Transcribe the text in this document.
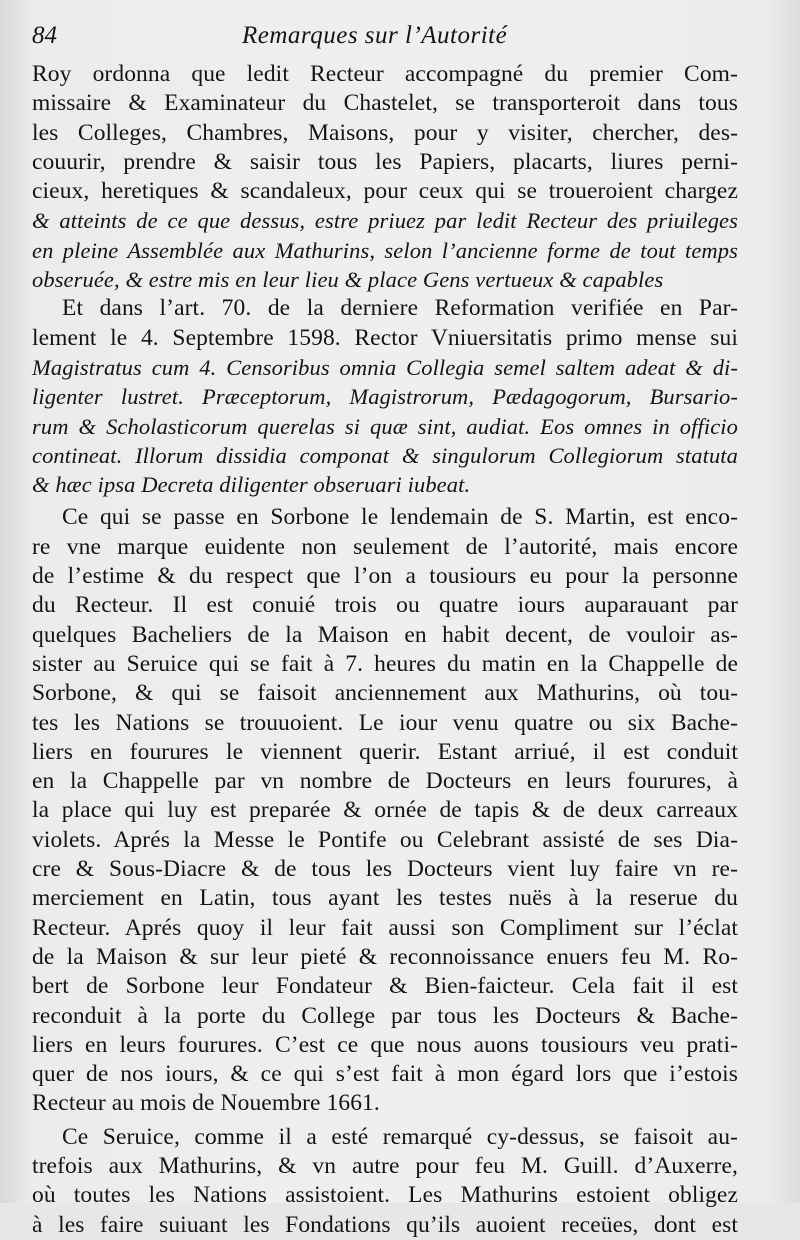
84	Remarques sur l’Autorité
Roy ordonna que ledit Recteur accompagné du premier Com-
missaire & Examinateur du Chastelet, se transporteroit dans tous
les Colleges, Chambres, Maisons, pour y visiter, chercher, des-
couurir, prendre & saisir tous les Papiers, placarts, liures perni-
cieux, heretiques & scandaleux, pour ceux qui se troueroient chargez
& atteints de ce que dessus, estre priuez par ledit Recteur des priuileges
en pleine Assemblée aux Mathurins, selon l’ancienne forme de tout temps
obseruée, & estre mis en leur lieu & place Gens vertueux & capables
Et dans l’art. 70. de la derniere Reformation verifiée en Par-
lement le 4. Septembre 1598. Rector Vniuersitatis primo mense sui
Magistratus cum 4. Censoribus omnia Collegia semel saltem adeat & di-
ligenter lustret. Præceptorum, Magistrorum, Pædagogorum, Bursario-
rum & Scholasticorum querelas si quæ sint, audiat. Eos omnes in officio
contineat. Illorum dissidia componat & singulorum Collegiorum statuta
& hæc ipsa Decreta diligenter obseruari iubeat.
Ce qui se passe en Sorbone le lendemain de S. Martin, est enco-
re vne marque euidente non seulement de l’autorité, mais encore
de l’estime & du respect que l’on a tousiours eu pour la personne
du Recteur. Il est conuié trois ou quatre iours auparauant par
quelques Bacheliers de la Maison en habit decent, de vouloir as-
sister au Seruice qui se fait à 7. heures du matin en la Chappelle de
Sorbone, & qui se faisoit anciennement aux Mathurins, où tou-
tes les Nations se trouuoient. Le iour venu quatre ou six Bache-
liers en fourures le viennent querir. Estant arriué, il est conduit
en la Chappelle par vn nombre de Docteurs en leurs fourures, à
la place qui luy est preparée & ornée de tapis & de deux carreaux
violets. Aprés la Messe le Pontife ou Celebrant assisté de ses Dia-
cre & Sous-Diacre & de tous les Docteurs vient luy faire vn re-
merciement en Latin, tous ayant les testes nuës à la reserue du
Recteur. Aprés quoy il leur fait aussi son Compliment sur l’éclat
de la Maison & sur leur pieté & reconnoissance enuers feu M. Ro-
bert de Sorbone leur Fondateur & Bien-faicteur. Cela fait il est
reconduit à la porte du College par tous les Docteurs & Bache-
liers en leurs fourures. C’est ce que nous auons tousiours veu prati-
quer de nos iours, & ce qui s’est fait à mon égard lors que i’estois
Recteur au mois de Nouembre 1661.
Ce Seruice, comme il a esté remarqué cy-dessus, se faisoit au-
trefois aux Mathurins, & vn autre pour feu M. Guill. d’Auxerre,
où toutes les Nations assistoient. Les Mathurins estoient obligez
à les faire suiuant les Fondations qu’ils auoient receües, dont est
